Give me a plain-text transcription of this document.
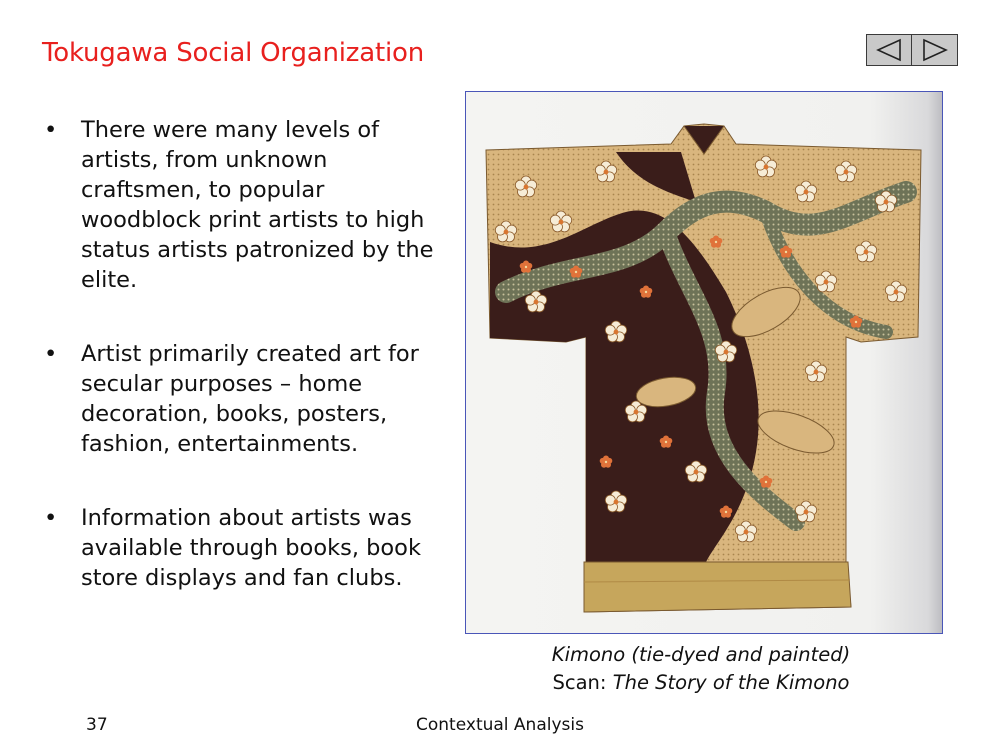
Tokugawa Social Organization
• There were many levels of artists, from unknown craftsmen, to popular woodblock print artists to high status artists patronized by the elite.
• Artist primarily created art for secular purposes – home decoration, books, posters, fashion, entertainments.
• Information about artists was available through books, book store displays and fan clubs.
Kimono (tie-dyed and painted)
Scan: The Story of the Kimono
37	Contextual Analysis
